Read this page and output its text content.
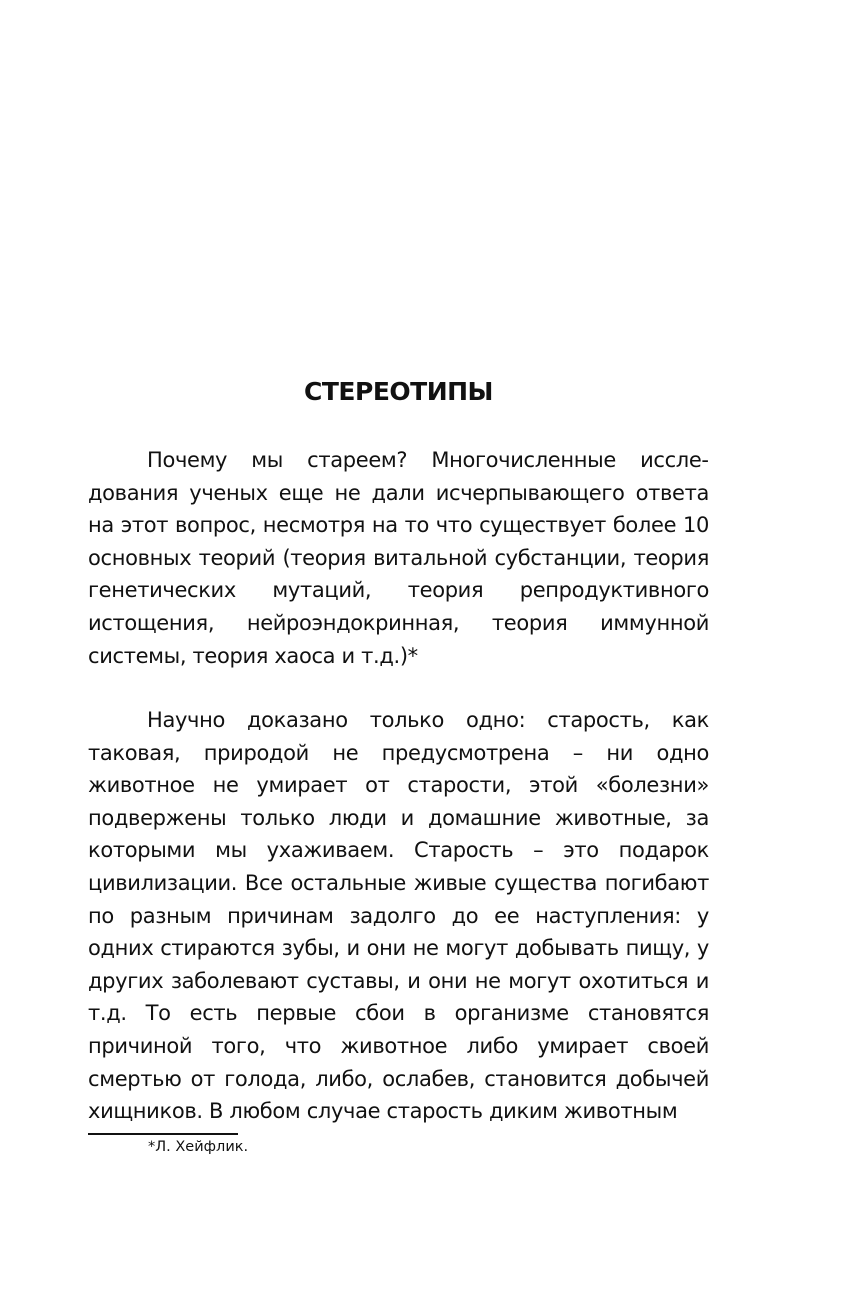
СТЕРЕОТИПЫ

Почему мы стареем? Многочисленные исследования ученых еще не дали исчерпывающего ответа на этот вопрос, несмотря на то что существует более 10 основных теорий (теория витальной субстанции, теория генетических мутаций, теория репродуктивного истощения, нейроэндокринная, теория иммунной системы, теория хаоса и т.д.)*

Научно доказано только одно: старость, как таковая, природой не предусмотрена – ни одно животное не умирает от старости, этой «болезни» подвержены только люди и домашние животные, за которыми мы ухаживаем. Старость – это подарок цивилизации. Все остальные живые существа погибают по разным причинам задолго до ее наступления: у одних стираются зубы, и они не могут добывать пищу, у других заболевают суставы, и они не могут охотиться и т.д. То есть первые сбои в организме становятся причиной того, что животное либо умирает своей смертью от голода, либо, ослабев, становится добычей хищников. В любом случае старость диким животным

*Л. Хейфлик.
